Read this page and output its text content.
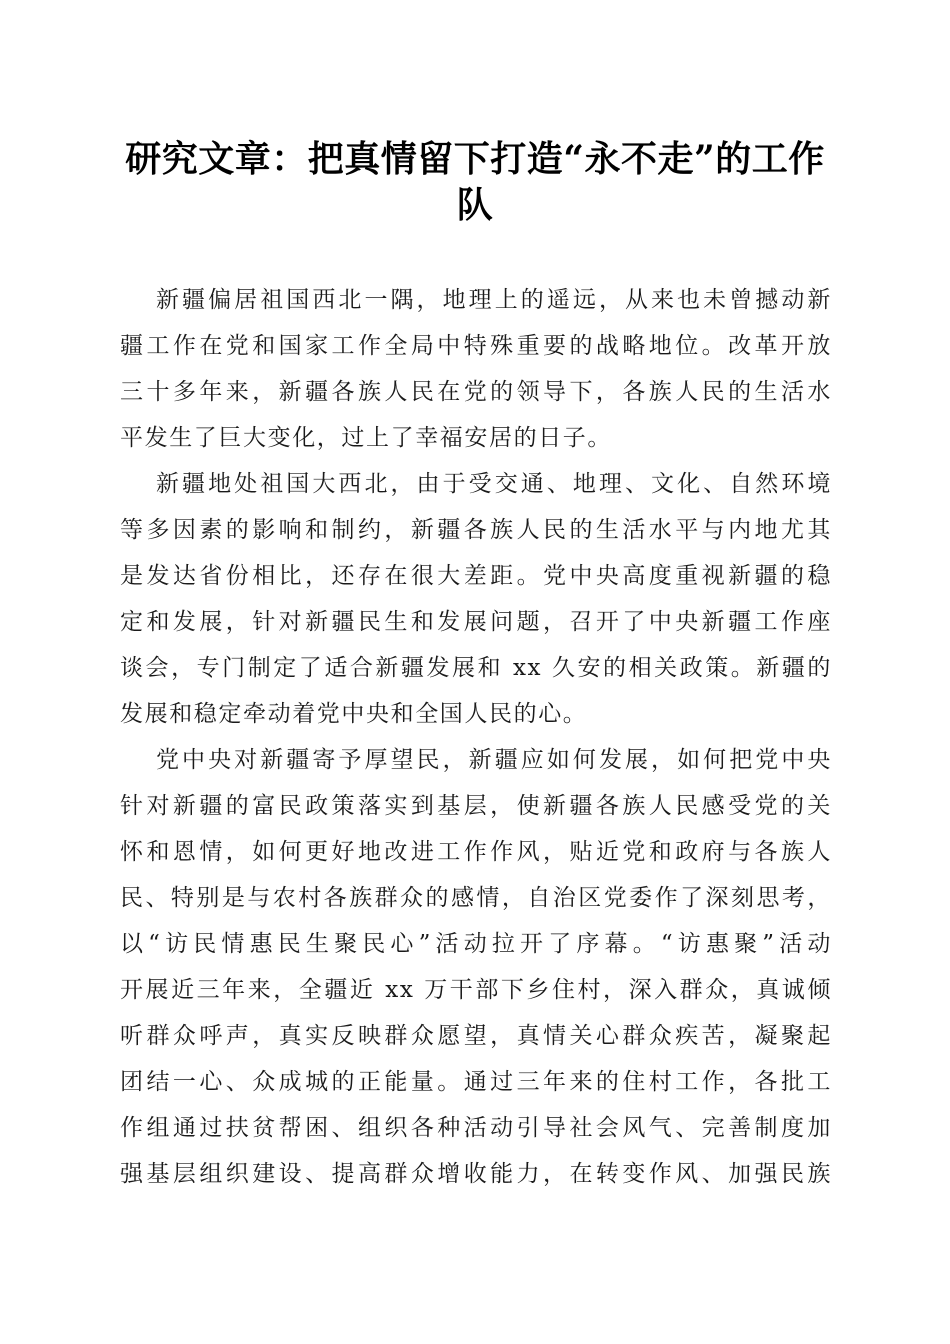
研究文章：把真情留下打造“永不走”的工作
队
新疆偏居祖国西北一隅，地理上的遥远，从来也未曾撼动新
疆工作在党和国家工作全局中特殊重要的战略地位。改革开放
三十多年来，新疆各族人民在党的领导下，各族人民的生活水
平发生了巨大变化，过上了幸福安居的日子。
新疆地处祖国大西北，由于受交通、地理、文化、自然环境
等多因素的影响和制约，新疆各族人民的生活水平与内地尤其
是发达省份相比，还存在很大差距。党中央高度重视新疆的稳
定和发展，针对新疆民生和发展问题，召开了中央新疆工作座
谈会，专门制定了适合新疆发展和 xx 久安的相关政策。新疆的
发展和稳定牵动着党中央和全国人民的心。
党中央对新疆寄予厚望民，新疆应如何发展，如何把党中央
针对新疆的富民政策落实到基层，使新疆各族人民感受党的关
怀和恩情，如何更好地改进工作作风，贴近党和政府与各族人
民、特别是与农村各族群众的感情，自治区党委作了深刻思考，
以“访民情惠民生聚民心”活动拉开了序幕。“访惠聚”活动
开展近三年来，全疆近 xx 万干部下乡住村，深入群众，真诚倾
听群众呼声，真实反映群众愿望，真情关心群众疾苦，凝聚起
团结一心、众成城的正能量。通过三年来的住村工作，各批工
作组通过扶贫帮困、组织各种活动引导社会风气、完善制度加
强基层组织建设、提高群众增收能力，在转变作风、加强民族
